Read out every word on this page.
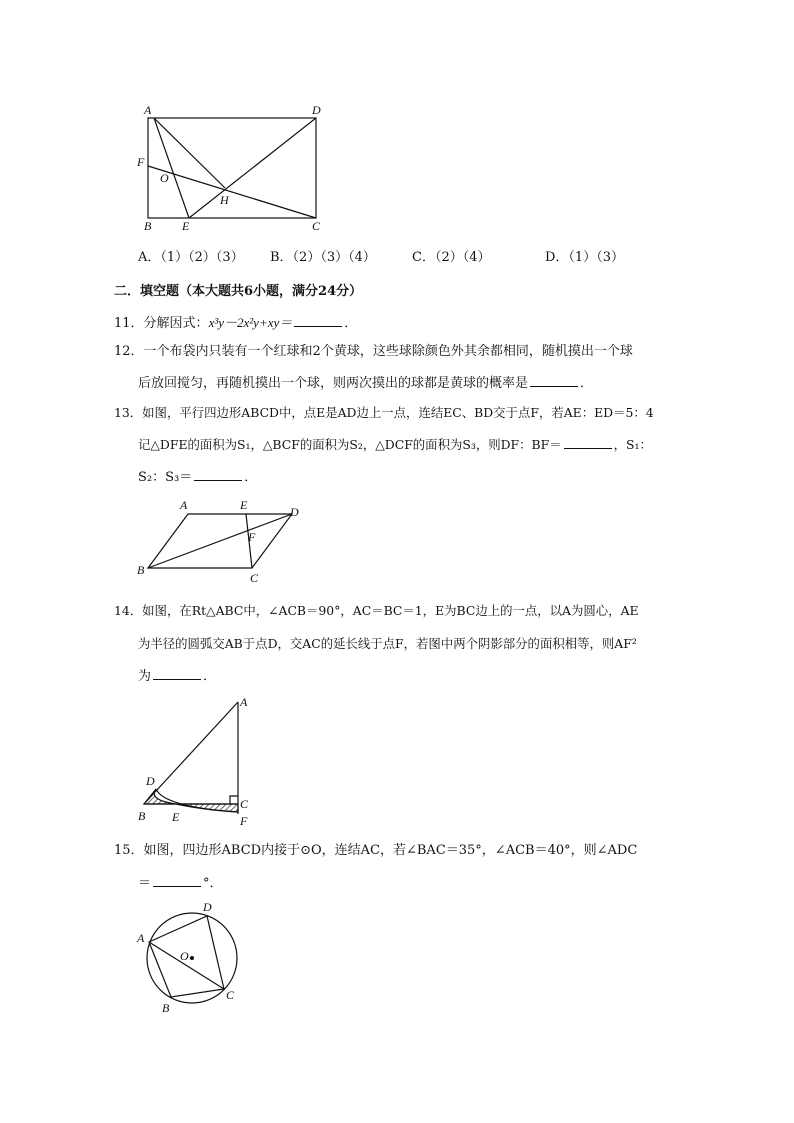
A	D
F
O
H
B	E	C
A．（1）（2）（3） B．（2）（3）（4）	C．（2）（4）	D．（1）（3）
二．填空题（本大题共6小题，满分24分）
11．分解因式：x³y－2x²y+xy＝	．
12．一个布袋内只装有一个红球和2个黄球，这些球除颜色外其余都相同，随机摸出一个球
后放回搅匀，再随机摸出一个球，则两次摸出的球都是黄球的概率是	．
13．如图，平行四边形ABCD中，点E是AD边上一点，连结EC、BD交于点F，若AE：ED＝5：4
记△DFE的面积为S₁，△BCF的面积为S₂，△DCF的面积为S₃，则DF：BF＝	，S₁：
S₂：S₃＝	．
A	E	D
F
B
C
14．如图，在Rt△ABC中，∠ACB＝90°，AC＝BC＝1，E为BC边上的一点，以A为圆心，AE
为半径的圆弧交AB于点D，交AC的延长线于点F，若图中两个阴影部分的面积相等，则AF²
为	．
A
D
C
B E	F
15．如图，四边形ABCD内接于⊙O，连结AC，若∠BAC＝35°，∠ACB＝40°，则∠ADC
＝	°．
A
D
O
C
B
